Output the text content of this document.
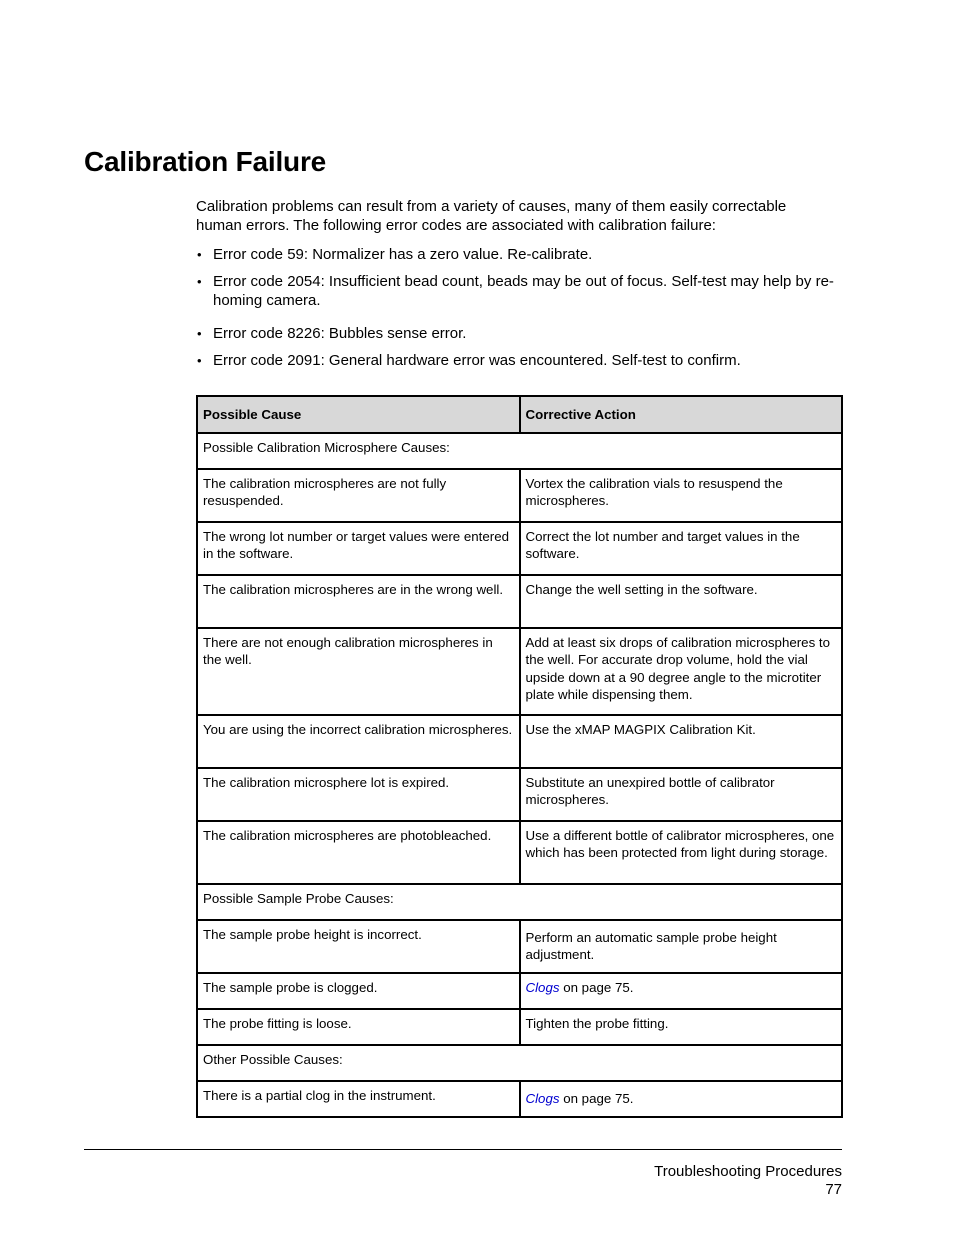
Calibration Failure

Calibration problems can result from a variety of causes, many of them easily correctable human errors. The following error codes are associated with calibration failure:

• Error code 59: Normalizer has a zero value. Re-calibrate.
• Error code 2054: Insufficient bead count, beads may be out of focus. Self-test may help by re-homing camera.
• Error code 8226: Bubbles sense error.
• Error code 2091: General hardware error was encountered. Self-test to confirm.
Possible Cause	Corrective Action
Possible Calibration Microsphere Causes:	
The calibration microspheres are not fully resuspended.	Vortex the calibration vials to resuspend the microspheres.
The wrong lot number or target values were entered in the software.	Correct the lot number and target values in the software.
The calibration microspheres are in the wrong well.	Change the well setting in the software.
There are not enough calibration microspheres in the well.	Add at least six drops of calibration microspheres to the well. For accurate drop volume, hold the vial upside down at a 90 degree angle to the microtiter plate while dispensing them.
You are using the incorrect calibration microspheres.	Use the xMAP MAGPIX Calibration Kit.
The calibration microsphere lot is expired.	Substitute an unexpired bottle of calibrator microspheres.
The calibration microspheres are photobleached.	Use a different bottle of calibrator microspheres, one which has been protected from light during storage.
Possible Sample Probe Causes:	
The sample probe height is incorrect.	Perform an automatic sample probe height adjustment.
The sample probe is clogged.	Clogs on page 75.
The probe fitting is loose.	Tighten the probe fitting.
Other Possible Causes:	
There is a partial clog in the instrument.	Clogs on page 75.
Troubleshooting Procedures
77
